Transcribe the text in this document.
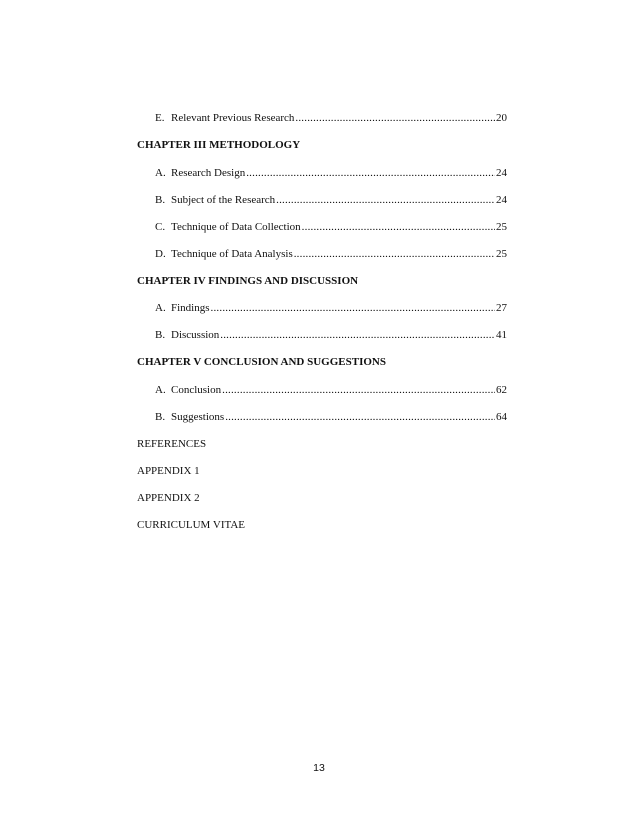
E. Relevant Previous Research .....	20
CHAPTER III METHODOLOGY
A. Research Design .....	24
B. Subject of the Research .....	24
C. Technique of Data Collection .....	25
D. Technique of Data Analysis .....	25
CHAPTER IV FINDINGS AND DISCUSSION
A. Findings .....	27
B. Discussion .....	41
CHAPTER V CONCLUSION AND SUGGESTIONS
A. Conclusion .....	62
B. Suggestions .....	64
REFERENCES
APPENDIX 1
APPENDIX 2
CURRICULUM VITAE
13
